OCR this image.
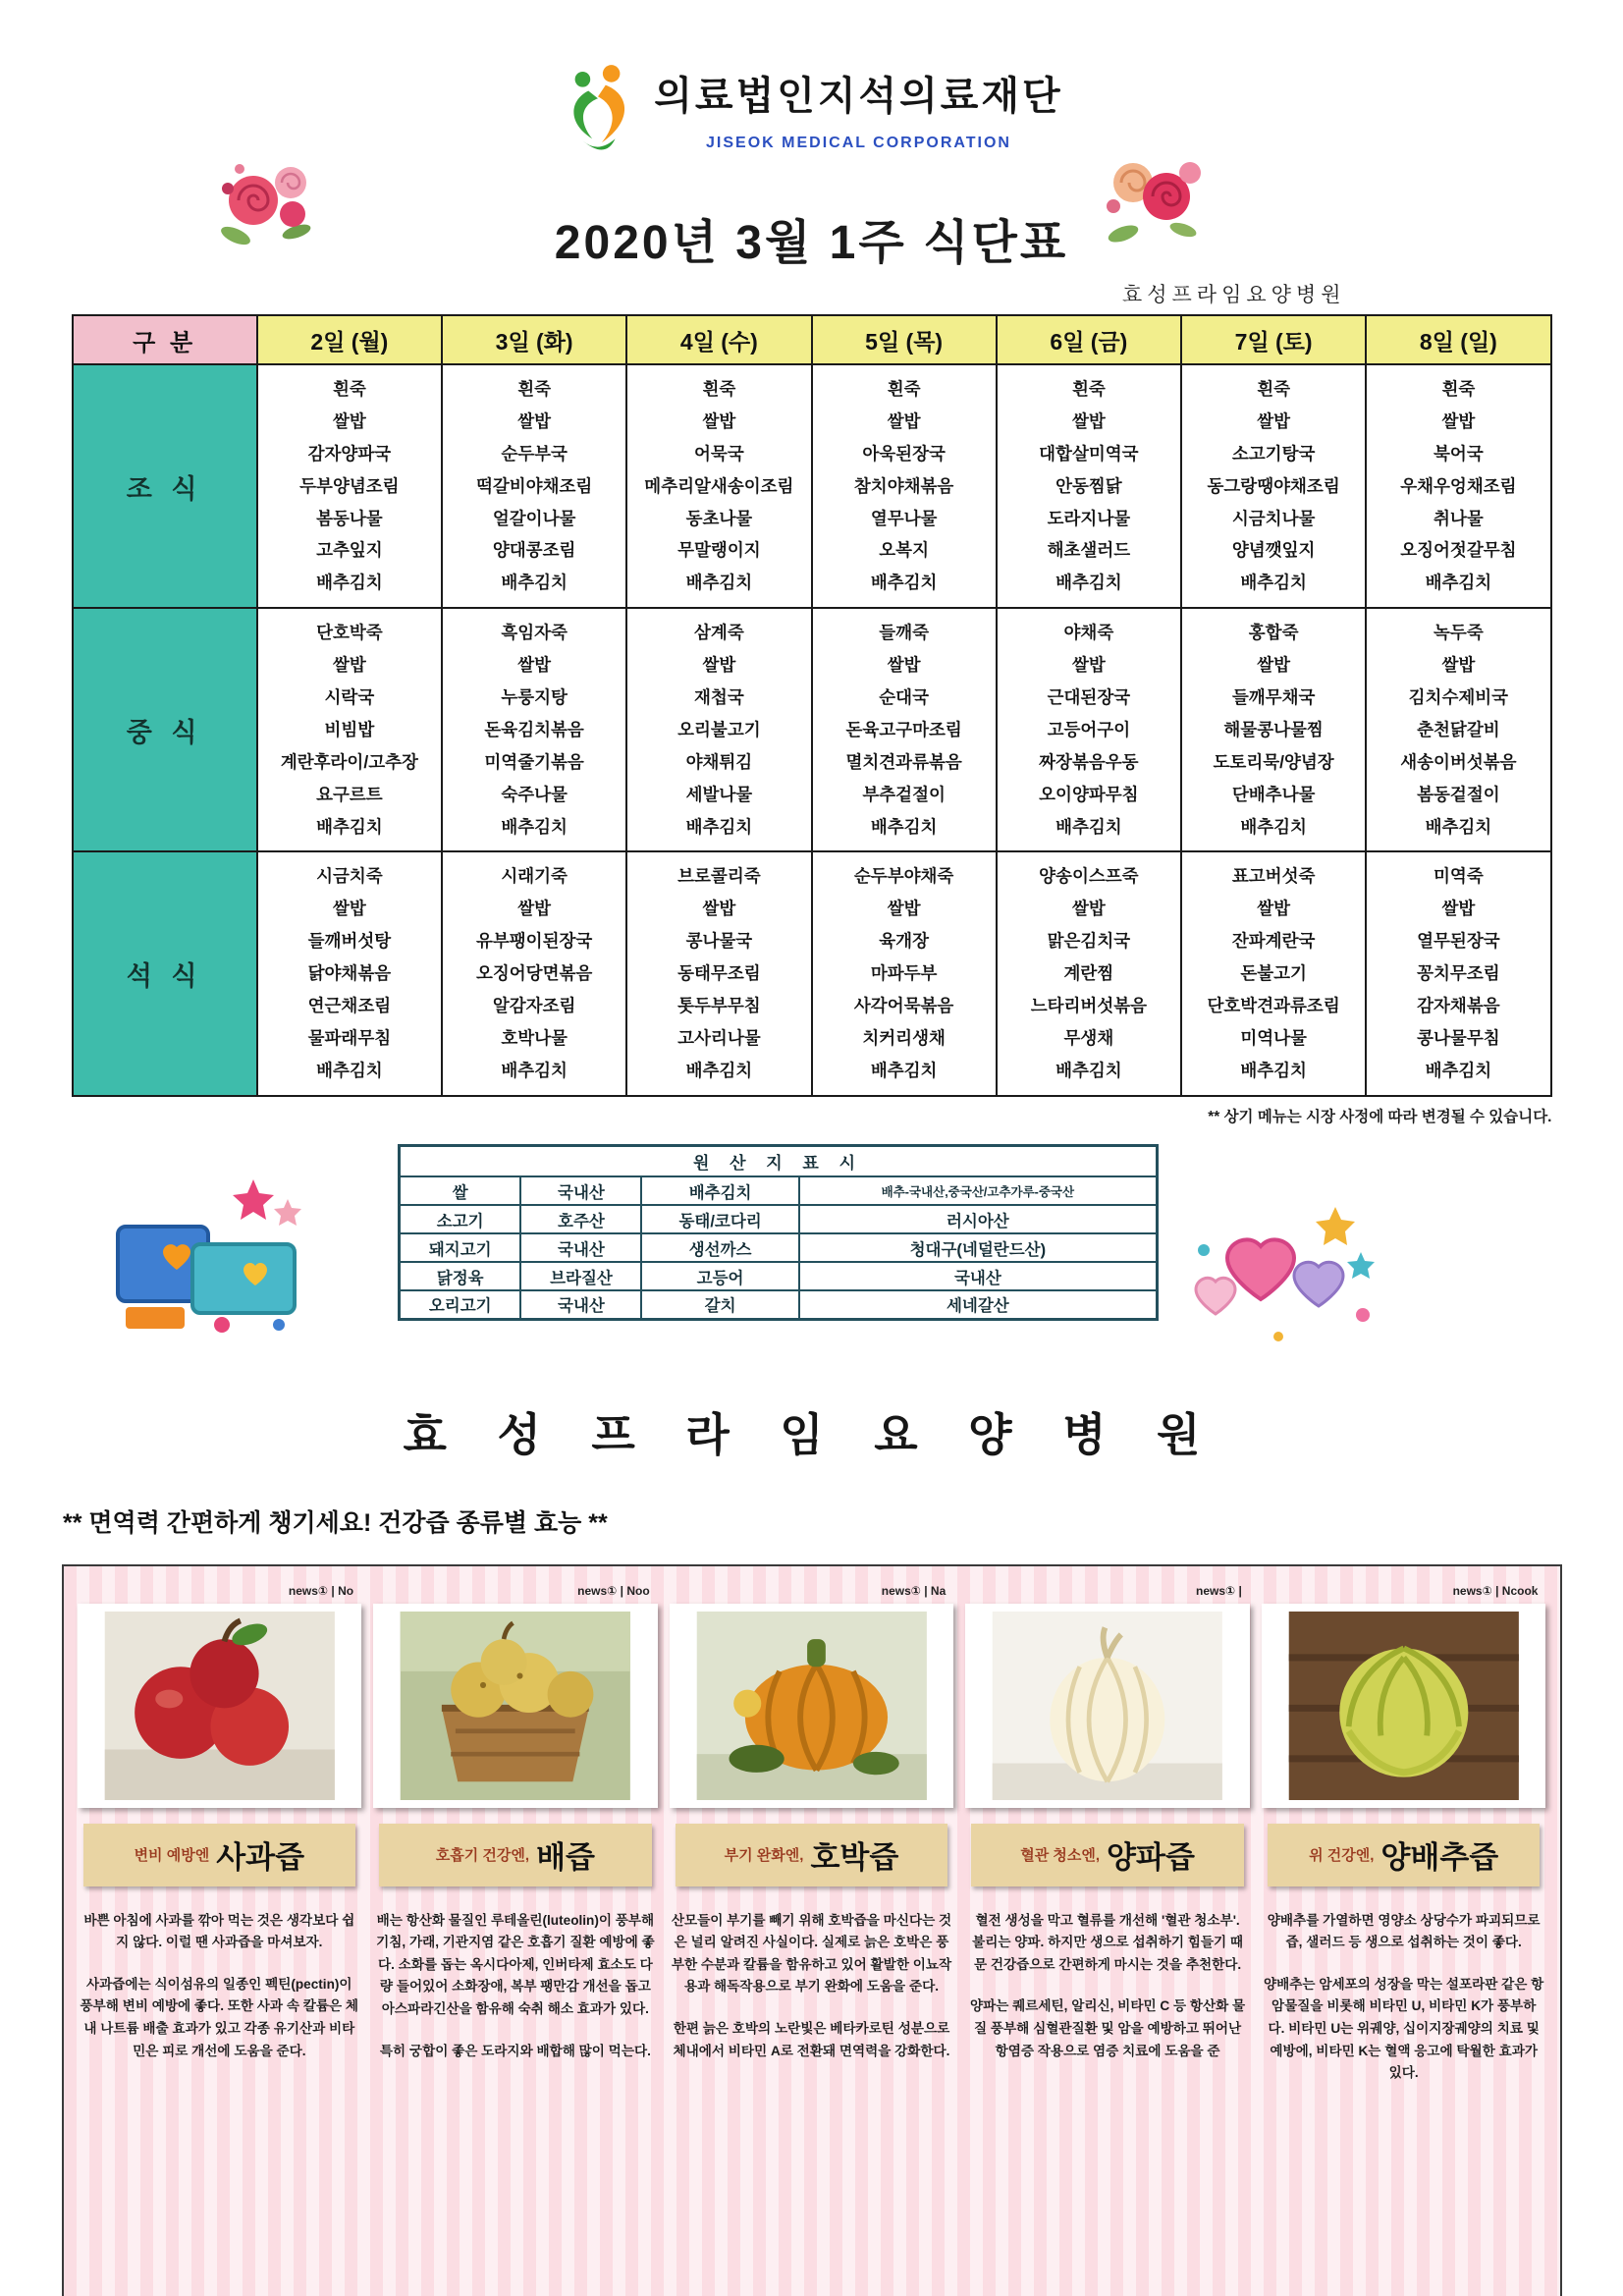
의료법인지석의료재단
JISEOK MEDICAL CORPORATION
2020년 3월 1주 식단표
효성프라임요양병원
구 분	2일 (월)	3일 (화)	4일 (수)	5일 (목)	6일 (금)	7일 (토)	8일 (일)
조 식	
흰죽
쌀밥
감자양파국
두부양념조림
봄동나물
고추잎지
배추김치

흰죽
쌀밥
순두부국
떡갈비야채조림
얼갈이나물
양대콩조림
배추김치

흰죽
쌀밥
어묵국
메추리알새송이조림
동초나물
무말랭이지
배추김치

흰죽
쌀밥
아욱된장국
참치야채볶음
열무나물
오복지
배추김치

흰죽
쌀밥
대합살미역국
안동찜닭
도라지나물
해초샐러드
배추김치

흰죽
쌀밥
소고기탕국
동그랑땡야채조림
시금치나물
양념깻잎지
배추김치

흰죽
쌀밥
북어국
우채우엉채조림
취나물
오징어젓갈무침
배추김치

중 식	
단호박죽
쌀밥
시락국
비빔밥
계란후라이/고추장
요구르트
배추김치

흑임자죽
쌀밥
누룽지탕
돈육김치볶음
미역줄기볶음
숙주나물
배추김치

삼계죽
쌀밥
재첩국
오리불고기
야채튀김
세발나물
배추김치

들깨죽
쌀밥
순대국
돈육고구마조림
멸치견과류볶음
부추겉절이
배추김치

야채죽
쌀밥
근대된장국
고등어구이
짜장볶음우동
오이양파무침
배추김치

홍합죽
쌀밥
들깨무채국
해물콩나물찜
도토리묵/양념장
단배추나물
배추김치

녹두죽
쌀밥
김치수제비국
춘천닭갈비
새송이버섯볶음
봄동겉절이
배추김치

석 식	
시금치죽
쌀밥
들깨버섯탕
닭야채볶음
연근채조림
물파래무침
배추김치

시래기죽
쌀밥
유부팽이된장국
오징어당면볶음
알감자조림
호박나물
배추김치

브로콜리죽
쌀밥
콩나물국
동태무조림
톳두부무침
고사리나물
배추김치

순두부야채죽
쌀밥
육개장
마파두부
사각어묵볶음
치커리생채
배추김치

양송이스프죽
쌀밥
맑은김치국
계란찜
느타리버섯볶음
무생채
배추김치

표고버섯죽
쌀밥
잔파계란국
돈불고기
단호박견과류조림
미역나물
배추김치

미역죽
쌀밥
열무된장국
꽁치무조림
감자채볶음
콩나물무침
배추김치
** 상기 메뉴는 시장 사정에 따라 변경될 수 있습니다.
원 산 지 표 시			
쌀	국내산	배추김치	배추-국내산,중국산/고추가루-중국산
소고기	호주산	동태/코다리	러시아산
돼지고기	국내산	생선까스	청대구(네덜란드산)
닭정육	브라질산	고등어	국내산
오리고기	국내산	갈치	세네갈산
효 성 프 라 임 요 양 병 원
** 면역력 간편하게 챙기세요! 건강즙 종류별 효능 **
news① | No
변비 예방엔 사과즙

바쁜 아침에 사과를 깎아 먹는 것은 생각보다 쉽지 않다. 이럴 땐 사과즙을 마셔보자.

사과즙에는 식이섬유의 일종인 펙틴(pectin)이 풍부해 변비 예방에 좋다. 또한 사과 속 칼륨은 체내 나트륨 배출 효과가 있고 각종 유기산과 비타민은 피로 개선에 도움을 준다.

news① | Noo
호흡기 건강엔, 배즙

배는 항산화 물질인 루테올린(luteolin)이 풍부해 기침, 가래, 기관지염 같은 호흡기 질환 예방에 좋다. 소화를 돕는 옥시다아제, 인버타제 효소도 다량 들어있어 소화장애, 복부 팽만감 개선을 돕고 아스파라긴산을 함유해 숙취 해소 효과가 있다.

특히 궁합이 좋은 도라지와 배합해 많이 먹는다.

news① | Na
부기 완화엔, 호박즙

산모들이 부기를 빼기 위해 호박즙을 마신다는 것은 널리 알려진 사실이다. 실제로 늙은 호박은 풍부한 수분과 칼륨을 함유하고 있어 활발한 이뇨작용과 해독작용으로 부기 완화에 도움을 준다.

한편 늙은 호박의 노란빛은 베타카로틴 성분으로 체내에서 비타민 A로 전환돼 면역력을 강화한다.

news① |
혈관 청소엔, 양파즙

혈전 생성을 막고 혈류를 개선해 '혈관 청소부'. 불리는 양파. 하지만 생으로 섭취하기 힘들기 때문 건강즙으로 간편하게 마시는 것을 추천한다.

양파는 퀘르세틴, 알리신, 비타민 C 등 항산화 물질 풍부해 심혈관질환 및 암을 예방하고 뛰어난 항염증 작용으로 염증 치료에 도움을 준

news① | Ncook
위 건강엔, 양배추즙

양배추를 가열하면 영양소 상당수가 파괴되므로 즙, 샐러드 등 생으로 섭취하는 것이 좋다.

양배추는 암세포의 성장을 막는 설포라판 같은 항암물질을 비롯해 비타민 U, 비타민 K가 풍부하다. 비타민 U는 위궤양, 십이지장궤양의 치료 및 예방에, 비타민 K는 혈액 응고에 탁월한 효과가 있다.
